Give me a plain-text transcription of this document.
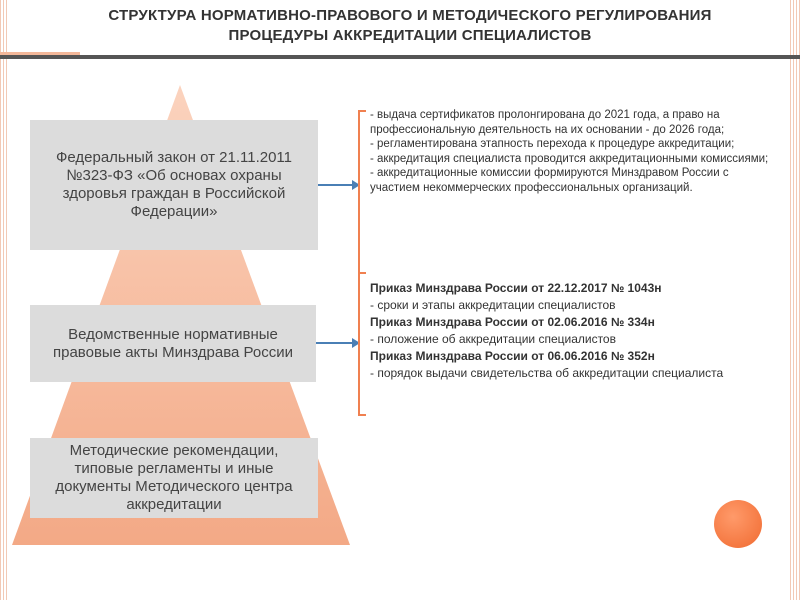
СТРУКТУРА НОРМАТИВНО-ПРАВОВОГО И МЕТОДИЧЕСКОГО РЕГУЛИРОВАНИЯ
ПРОЦЕДУРЫ АККРЕДИТАЦИИ СПЕЦИАЛИСТОВ
Федеральный закон от 21.11.2011 №323-ФЗ «Об основах охраны здоровья граждан в Российской Федерации»
Ведомственные нормативные правовые акты Минздрава России
Методические рекомендации, типовые регламенты и иные документы Методического центра аккредитации
- выдача сертификатов пролонгирована до 2021 года, а право на профессиональную деятельность на их основании - до 2026 года;
- регламентирована этапность перехода к процедуре аккредитации;
- аккредитация специалиста проводится аккредитационными комиссиями;
- аккредитационные комиссии формируются Минздравом России с участием некоммерческих профессиональных организаций.
Приказ Минздрава России от 22.12.2017 № 1043н
- сроки и этапы аккредитации специалистов
Приказ Минздрава России от 02.06.2016 № 334н
- положение об аккредитации специалистов
Приказ Минздрава России от 06.06.2016 № 352н
- порядок выдачи свидетельства об аккредитации специалиста
